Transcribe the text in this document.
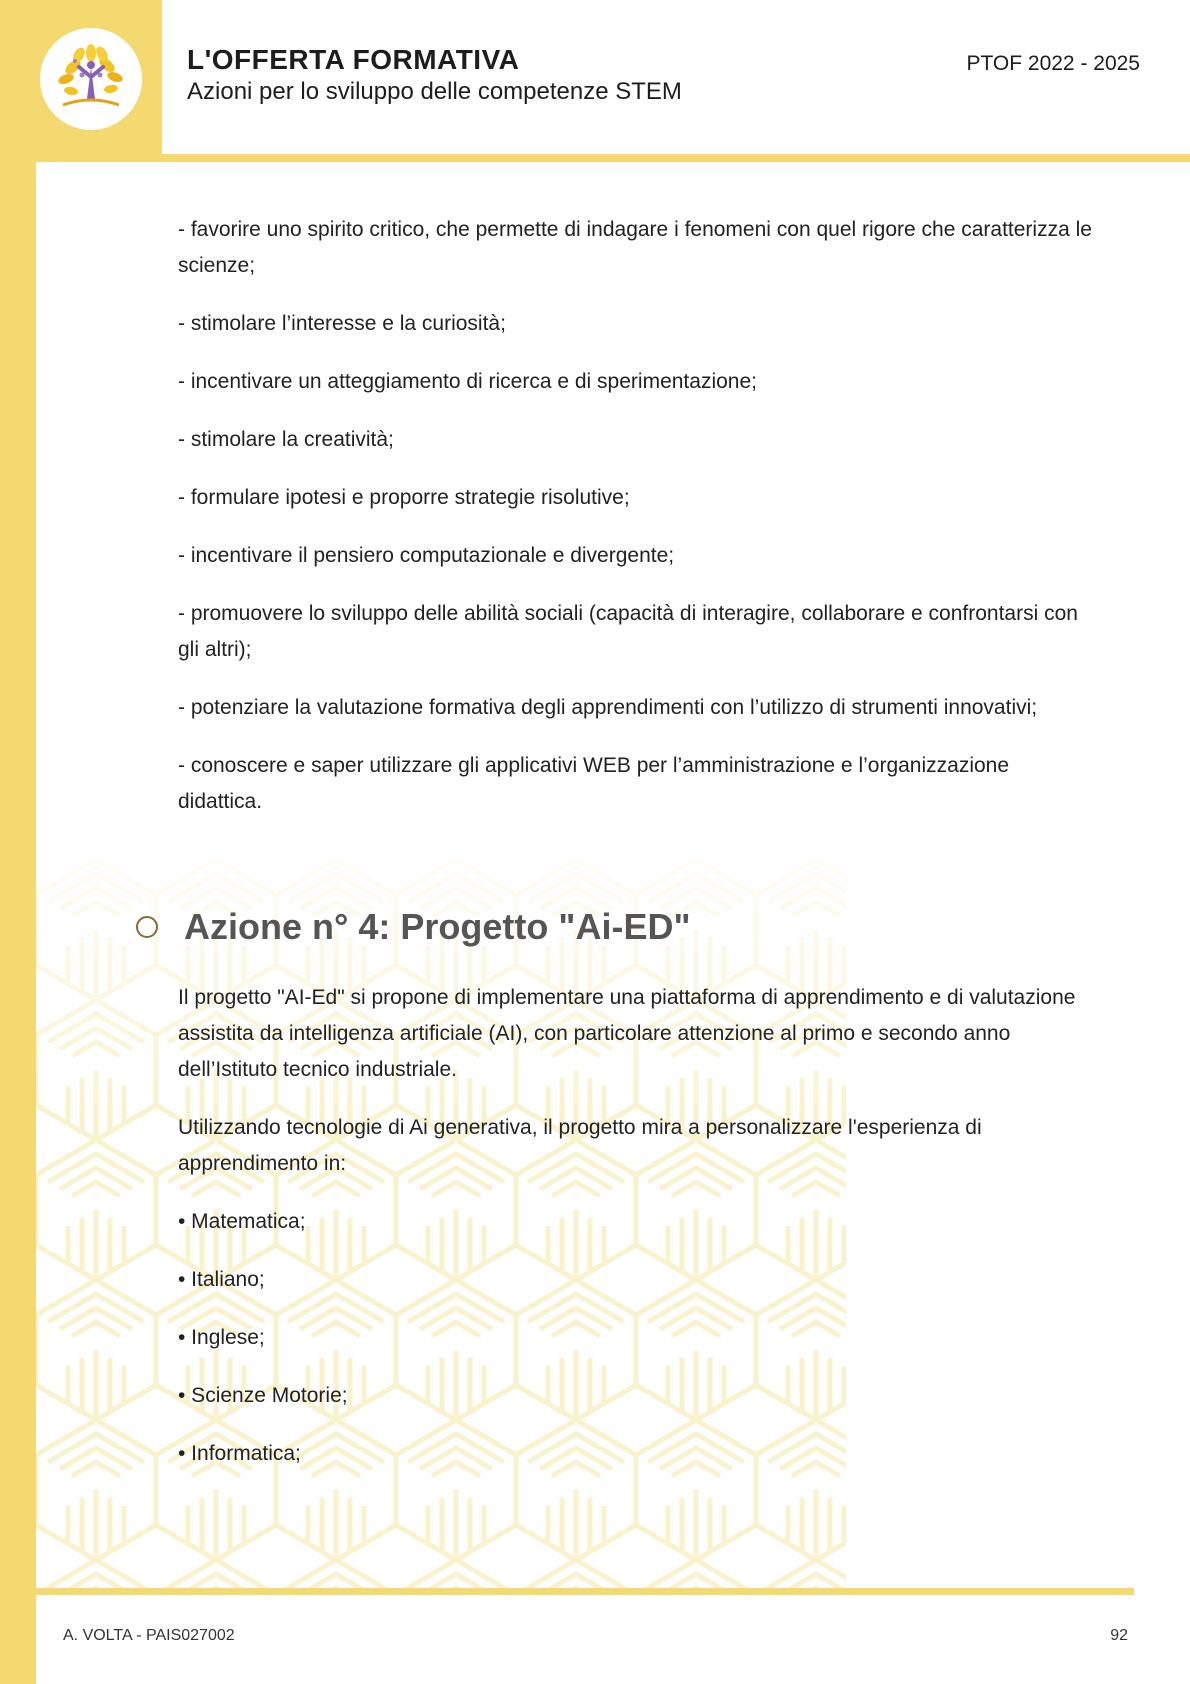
L'OFFERTA FORMATIVA
Azioni per lo sviluppo delle competenze STEM
PTOF 2022 - 2025

- favorire uno spirito critico, che permette di indagare i fenomeni con quel rigore che caratterizza le scienze;

- stimolare l’interesse e la curiosità;

- incentivare un atteggiamento di ricerca e di sperimentazione;

- stimolare la creatività;

- formulare ipotesi e proporre strategie risolutive;

- incentivare il pensiero computazionale e divergente;

- promuovere lo sviluppo delle abilità sociali (capacità di interagire, collaborare e confrontarsi con gli altri);

- potenziare la valutazione formativa degli apprendimenti con l’utilizzo di strumenti innovativi;

- conoscere e saper utilizzare gli applicativi WEB per l’amministrazione e l’organizzazione didattica.

Azione n° 4: Progetto "Ai-ED"

Il progetto "AI-Ed" si propone di implementare una piattaforma di apprendimento e di valutazione assistita da intelligenza artificiale (AI), con particolare attenzione al primo e secondo anno dell’Istituto tecnico industriale.

Utilizzando tecnologie di Ai generativa, il progetto mira a personalizzare l'esperienza di apprendimento in:

• Matematica;

• Italiano;

• Inglese;

• Scienze Motorie;

• Informatica;

A. VOLTA - PAIS027002	92
